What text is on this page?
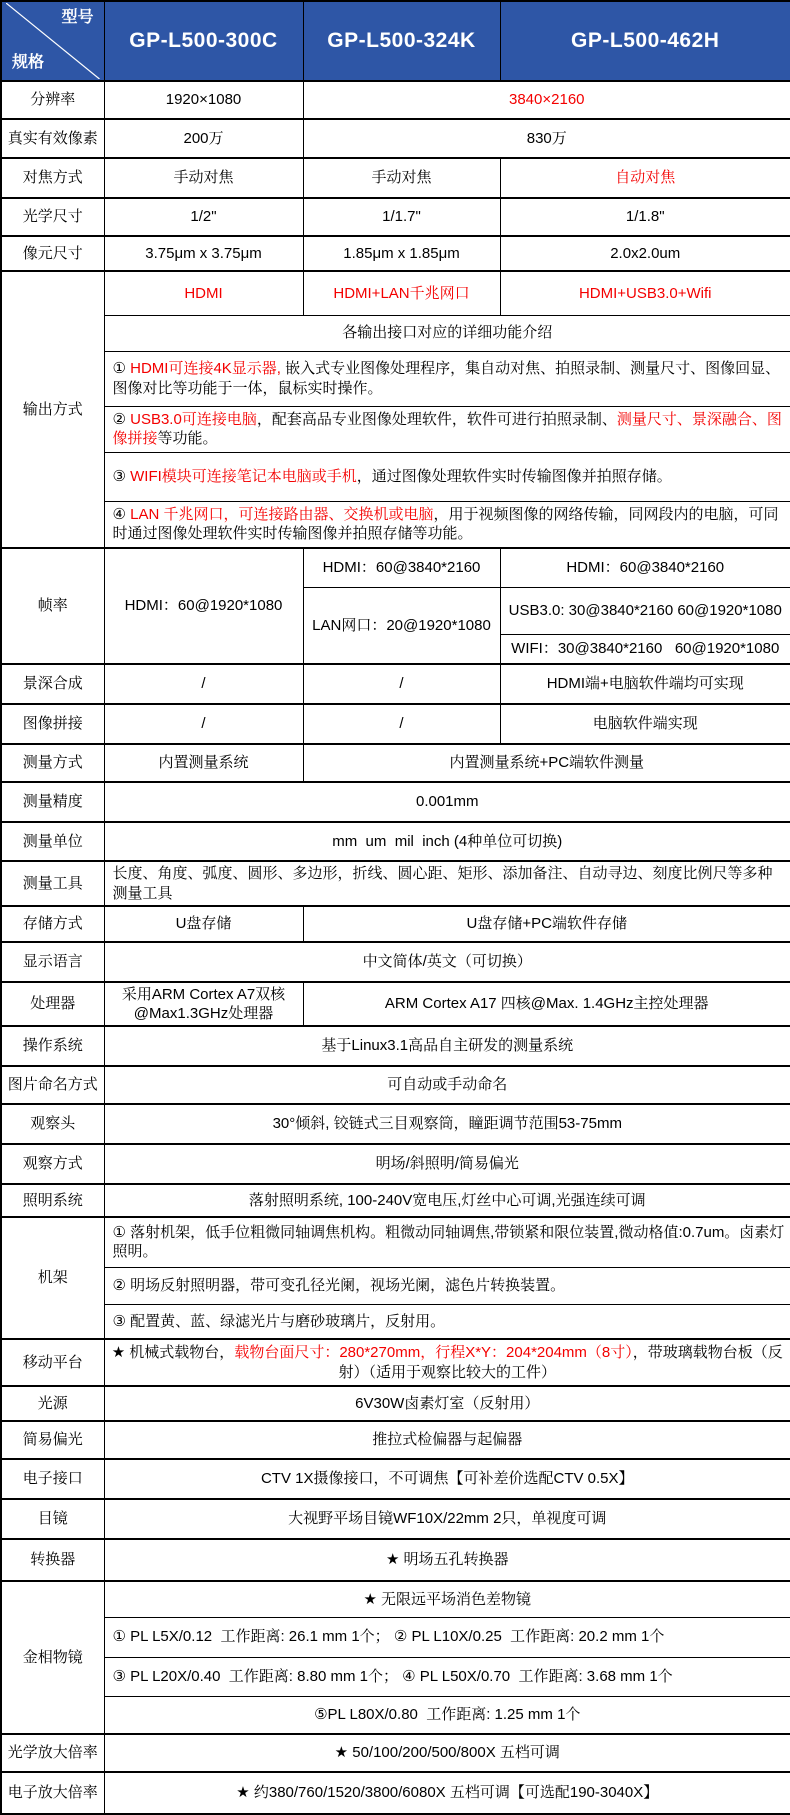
型号
规格	GP-L500-300C	GP-L500-324K	GP-L500-462H
分辨率	1920×1080	3840×2160	
真实有效像素	200万	830万	
对焦方式	手动对焦	手动对焦	自动对焦
光学尺寸	1/2"	1/1.7"	1/1.8"
像元尺寸	3.75μm x 3.75μm	1.85μm x 1.85μm	2.0x2.0um
输出方式	HDMI	HDMI+LAN千兆网口	HDMI+USB3.0+Wifi
	各输出接口对应的详细功能介绍		
	① HDMI可连接4K显示器, 嵌入式专业图像处理程序，集自动对焦、拍照录制、测量尺寸、图像回显、图像对比等功能于一体，鼠标实时操作。		
	② USB3.0可连接电脑，配套高品专业图像处理软件，软件可进行拍照录制、测量尺寸、景深融合、图像拼接等功能。		
	③ WIFI模块可连接笔记本电脑或手机，通过图像处理软件实时传输图像并拍照存储。		
	④ LAN 千兆网口，可连接路由器、交换机或电脑，用于视频图像的网络传输，同网段内的电脑，可同时通过图像处理软件实时传输图像并拍照存储等功能。		
帧率	HDMI：60@1920*1080	HDMI：60@3840*2160	HDMI：60@3840*2160
		LAN网口：20@1920*1080	USB3.0: 30@3840*2160 60@1920*1080
			WIFI：30@3840*2160   60@1920*1080
景深合成	/	/	HDMI端+电脑软件端均可实现
图像拼接	/	/	电脑软件端实现
测量方式	内置测量系统	内置测量系统+PC端软件测量	
测量精度	0.001mm		
测量单位	mm  um  mil  inch (4种单位可切换)		
测量工具	长度、角度、弧度、圆形、多边形，折线、圆心距、矩形、添加备注、自动寻边、刻度比例尺等多种测量工具		
存储方式	U盘存储	U盘存储+PC端软件存储	
显示语言	中文简体/英文（可切换）		
处理器	采用ARM Cortex A7双核@Max1.3GHz处理器	ARM Cortex A17 四核@Max. 1.4GHz主控处理器	
操作系统	基于Linux3.1高品自主研发的测量系统		
图片命名方式	可自动或手动命名		
观察头	30°倾斜, 铰链式三目观察筒，瞳距调节范围53-75mm		
观察方式	明场/斜照明/简易偏光		
照明系统	落射照明系统, 100-240V宽电压,灯丝中心可调,光强连续可调		
机架	① 落射机架，低手位粗微同轴调焦机构。粗微动同轴调焦,带锁紧和限位装置,微动格值:0.7um。卤素灯照明。		
	② 明场反射照明器，带可变孔径光阑，视场光阑，滤色片转换装置。		
	③ 配置黄、蓝、绿滤光片与磨砂玻璃片，反射用。		
移动平台	★ 机械式载物台，载物台面尺寸：280*270mm，行程X*Y：204*204mm（8寸），带玻璃载物台板（反射）（适用于观察比较大的工件）		
光源	6V30W卤素灯室（反射用）		
简易偏光	推拉式检偏器与起偏器		
电子接口	CTV 1X摄像接口，不可调焦【可补差价选配CTV 0.5X】		
目镜	大视野平场目镜WF10X/22mm 2只，单视度可调		
转换器	★ 明场五孔转换器		
金相物镜	★ 无限远平场消色差物镜		
	① PL L5X/0.12  工作距离: 26.1 mm 1个； ② PL L10X/0.25  工作距离: 20.2 mm 1个		
	③ PL L20X/0.40  工作距离: 8.80 mm 1个； ④ PL L50X/0.70  工作距离: 3.68 mm 1个		
	⑤PL L80X/0.80  工作距离: 1.25 mm 1个		
光学放大倍率	★ 50/100/200/500/800X 五档可调		
电子放大倍率	★ 约380/760/1520/3800/6080X 五档可调【可选配190-3040X】		
